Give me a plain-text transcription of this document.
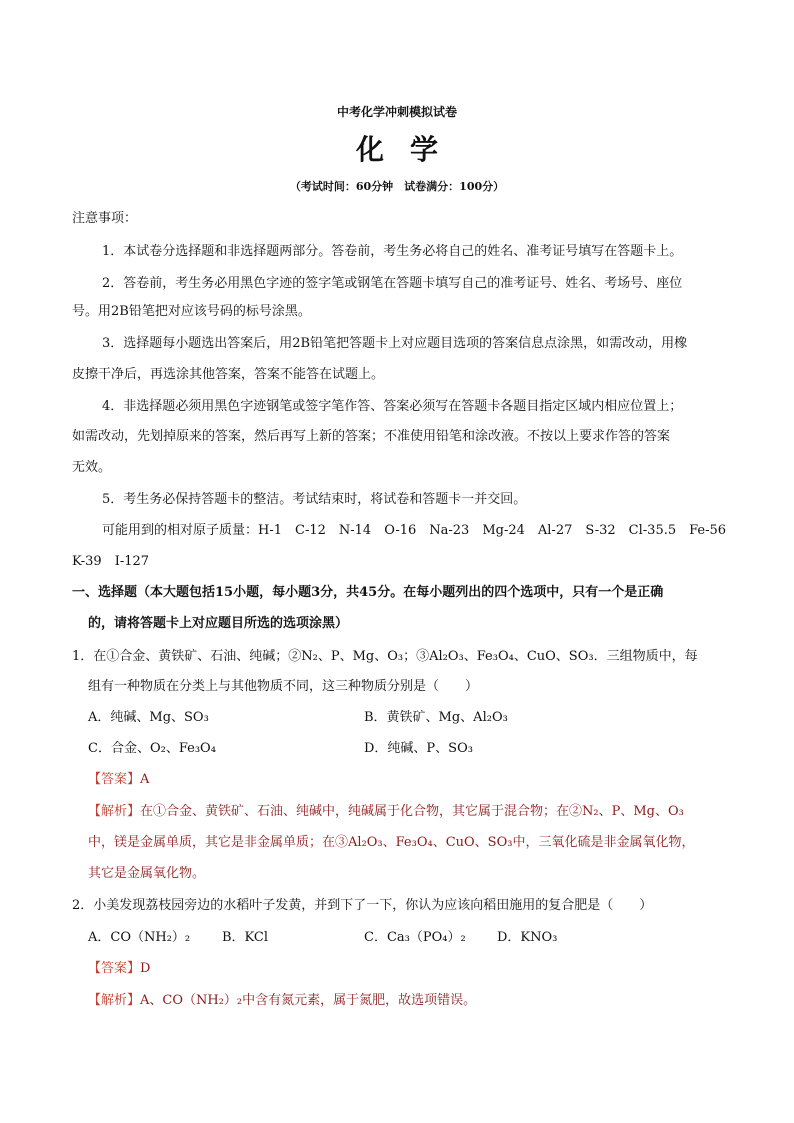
中考化学冲刺模拟试卷
化学
（考试时间：60分钟　试卷满分：100分）
注意事项：
1．本试卷分选择题和非选择题两部分。答卷前，考生务必将自己的姓名、准考证号填写在答题卡上。
2．答卷前，考生务必用黑色字迹的签字笔或钢笔在答题卡填写自己的准考证号、姓名、考场号、座位
号。用2B铅笔把对应该号码的标号涂黑。
3．选择题每小题选出答案后，用2B铅笔把答题卡上对应题目选项的答案信息点涂黑，如需改动，用橡
皮擦干净后，再选涂其他答案，答案不能答在试题上。
4．非选择题必须用黑色字迹钢笔或签字笔作答、答案必须写在答题卡各题目指定区域内相应位置上；
如需改动，先划掉原来的答案，然后再写上新的答案；不准使用铅笔和涂改液。不按以上要求作答的答案
无效。
5．考生务必保持答题卡的整洁。考试结束时，将试卷和答题卡一并交回。
可能用到的相对原子质量：H-1　C-12　N-14　O-16　Na-23　Mg-24　Al-27　S-32　Cl-35.5　Fe-56
K-39　I-127
一、选择题（本大题包括15小题，每小题3分，共45分。在每小题列出的四个选项中，只有一个是正确
的，请将答题卡上对应题目所选的选项涂黑）
1．在①合金、黄铁矿、石油、纯碱；②N₂、P、Mg、O₃；③Al₂O₃、Fe₃O₄、CuO、SO₃．三组物质中，每
组有一种物质在分类上与其他物质不同，这三种物质分别是（　　）
A．纯碱、Mg、SO₃	B．黄铁矿、Mg、Al₂O₃
C．合金、O₂、Fe₃O₄	D．纯碱、P、SO₃
【答案】A
【解析】在①合金、黄铁矿、石油、纯碱中，纯碱属于化合物，其它属于混合物；在②N₂、P、Mg、O₃
中，镁是金属单质，其它是非金属单质；在③Al₂O₃、Fe₃O₄、CuO、SO₃中，三氧化硫是非金属氧化物，
其它是金属氧化物。
2．小美发现荔枝园旁边的水稻叶子发黄，并到下了一下，你认为应该向稻田施用的复合肥是（　　）
A．CO（NH₂）₂ B．KCl	C．Ca₃（PO₄）₂ D．KNO₃
【答案】D
【解析】A、CO（NH₂）₂中含有氮元素，属于氮肥，故选项错误。
